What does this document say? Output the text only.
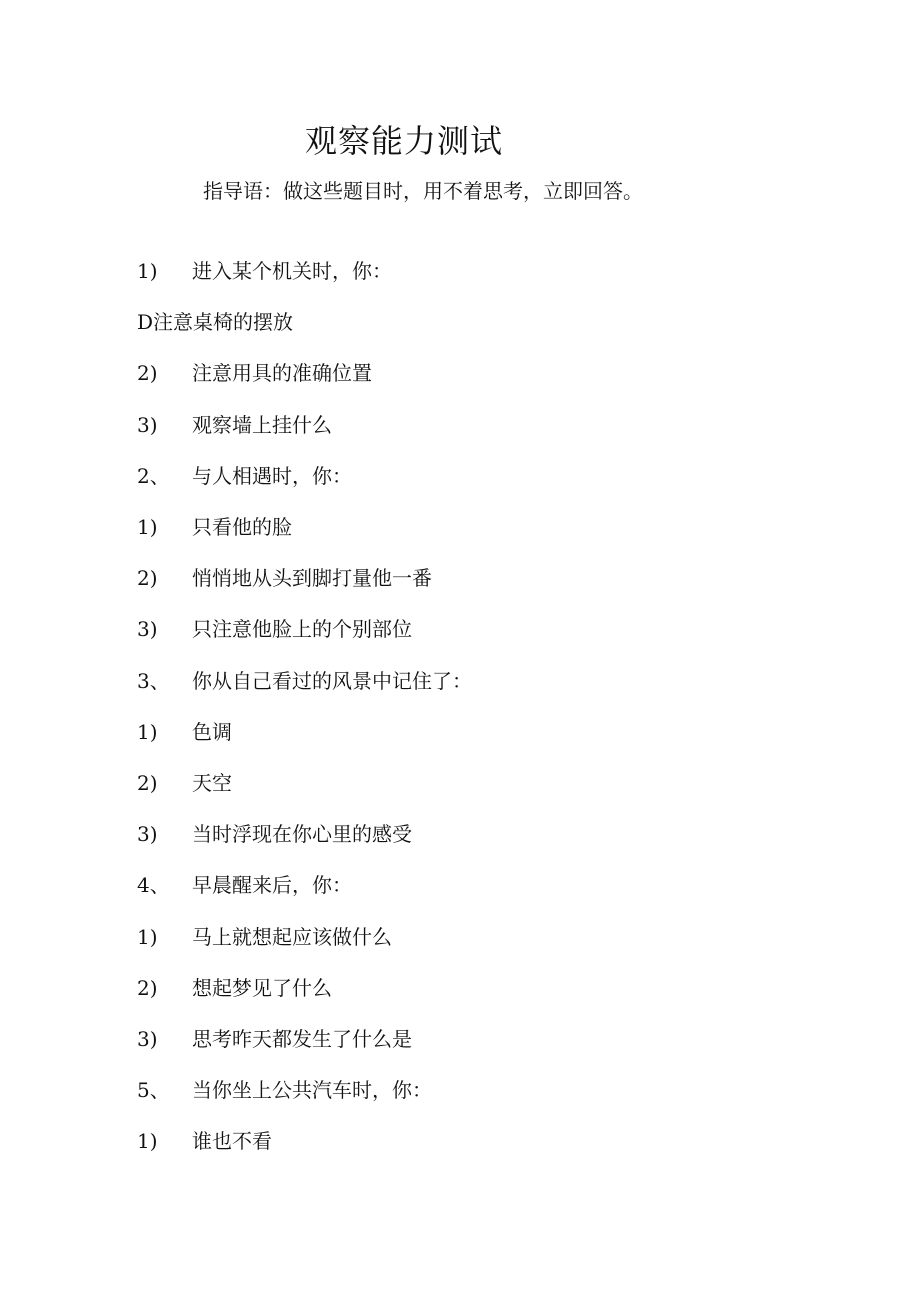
观察能力测试

指导语：做这些题目时，用不着思考，立即回答。

1)	进入某个机关时，你：
D注意桌椅的摆放
2)	注意用具的准确位置
3)	观察墙上挂什么
2、	与人相遇时，你：
1)	只看他的脸
2)	悄悄地从头到脚打量他一番
3)	只注意他脸上的个别部位
3、	你从自己看过的风景中记住了：
1)	色调
2)	天空
3)	当时浮现在你心里的感受
4、	早晨醒来后，你：
1)	马上就想起应该做什么
2)	想起梦见了什么
3)	思考昨天都发生了什么是
5、	当你坐上公共汽车时，你：
1)	谁也不看
